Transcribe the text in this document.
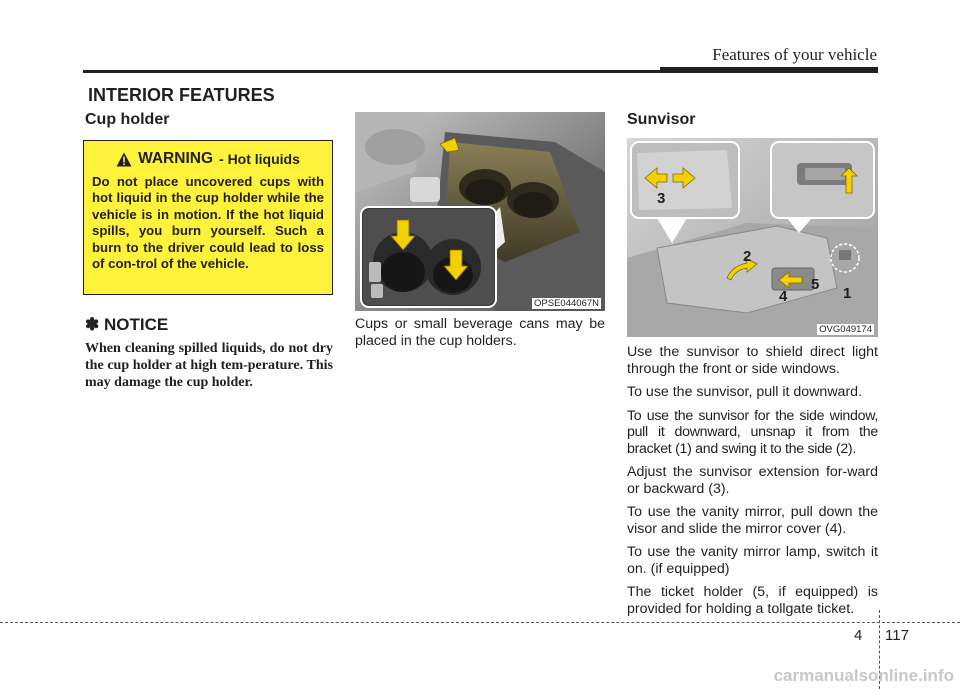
Features of your vehicle
INTERIOR FEATURES
Cup holder
WARNING - Hot liquids
Do not place uncovered cups with hot liquid in the cup holder while the vehicle is in motion. If the hot liquid spills, you burn yourself. Such a burn to the driver could lead to loss of con-trol of the vehicle.
✽ NOTICE
When cleaning spilled liquids, do not dry the cup holder at high tem-perature. This may damage the cup holder.
OPSE044067N

Cups or small beverage cans may be placed in the cup holders.

Sunvisor
1
2
3
4
5
OVG049174

Use the sunvisor to shield direct light through the front or side windows.

To use the sunvisor, pull it downward.

To use the sunvisor for the side window, pull it downward, unsnap it from the bracket (1) and swing it to the side (2).

Adjust the sunvisor extension for-ward or backward (3).

To use the vanity mirror, pull down the visor and slide the mirror cover (4).

To use the vanity mirror lamp, switch it on. (if equipped)

The ticket holder (5, if equipped) is provided for holding a tollgate ticket.

4 117
carmanualsonline.info
